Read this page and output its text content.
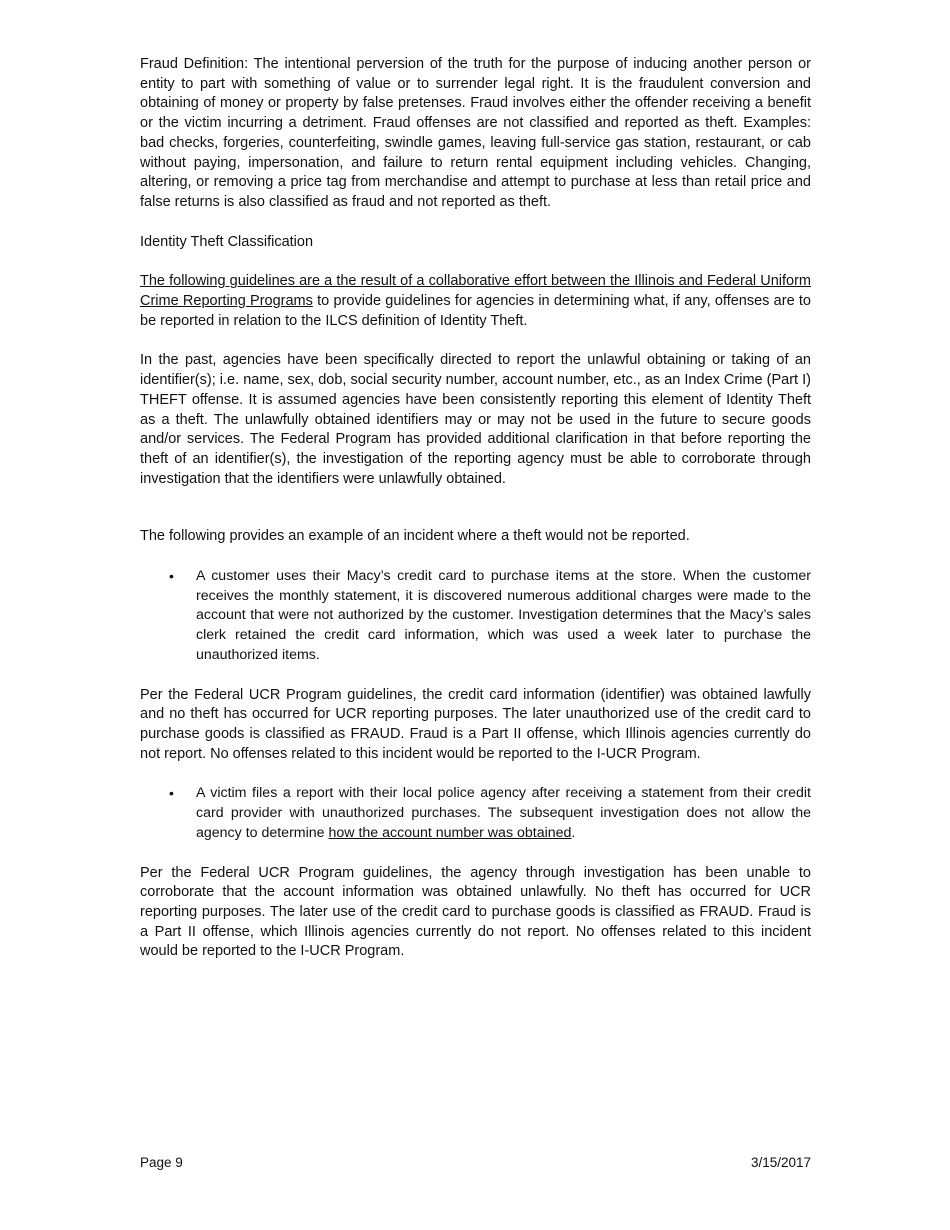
Fraud Definition: The intentional perversion of the truth for the purpose of inducing another person or entity to part with something of value or to surrender legal right. It is the fraudulent conversion and obtaining of money or property by false pretenses. Fraud involves either the offender receiving a benefit or the victim incurring a detriment. Fraud offenses are not classified and reported as theft. Examples: bad checks, forgeries, counterfeiting, swindle games, leaving full-service gas station, restaurant, or cab without paying, impersonation, and failure to return rental equipment including vehicles. Changing, altering, or removing a price tag from merchandise and attempt to purchase at less than retail price and false returns is also classified as fraud and not reported as theft.

Identity Theft Classification

The following guidelines are a the result of a collaborative effort between the Illinois and Federal Uniform Crime Reporting Programs to provide guidelines for agencies in determining what, if any, offenses are to be reported in relation to the ILCS definition of Identity Theft.

In the past, agencies have been specifically directed to report the unlawful obtaining or taking of an identifier(s); i.e. name, sex, dob, social security number, account number, etc., as an Index Crime (Part I) THEFT offense. It is assumed agencies have been consistently reporting this element of Identity Theft as a theft. The unlawfully obtained identifiers may or may not be used in the future to secure goods and/or services. The Federal Program has provided additional clarification in that before reporting the theft of an identifier(s), the investigation of the reporting agency must be able to corroborate through investigation that the identifiers were unlawfully obtained.

The following provides an example of an incident where a theft would not be reported.

• A customer uses their Macy’s credit card to purchase items at the store. When the customer receives the monthly statement, it is discovered numerous additional charges were made to the account that were not authorized by the customer. Investigation determines that the Macy’s sales clerk retained the credit card information, which was used a week later to purchase the unauthorized items.

Per the Federal UCR Program guidelines, the credit card information (identifier) was obtained lawfully and no theft has occurred for UCR reporting purposes. The later unauthorized use of the credit card to purchase goods is classified as FRAUD. Fraud is a Part II offense, which Illinois agencies currently do not report. No offenses related to this incident would be reported to the I-UCR Program.

• A victim files a report with their local police agency after receiving a statement from their credit card provider with unauthorized purchases. The subsequent investigation does not allow the agency to determine how the account number was obtained.

Per the Federal UCR Program guidelines, the agency through investigation has been unable to corroborate that the account information was obtained unlawfully. No theft has occurred for UCR reporting purposes. The later use of the credit card to purchase goods is classified as FRAUD. Fraud is a Part II offense, which Illinois agencies currently do not report. No offenses related to this incident would be reported to the I-UCR Program.

Page 9	3/15/2017
